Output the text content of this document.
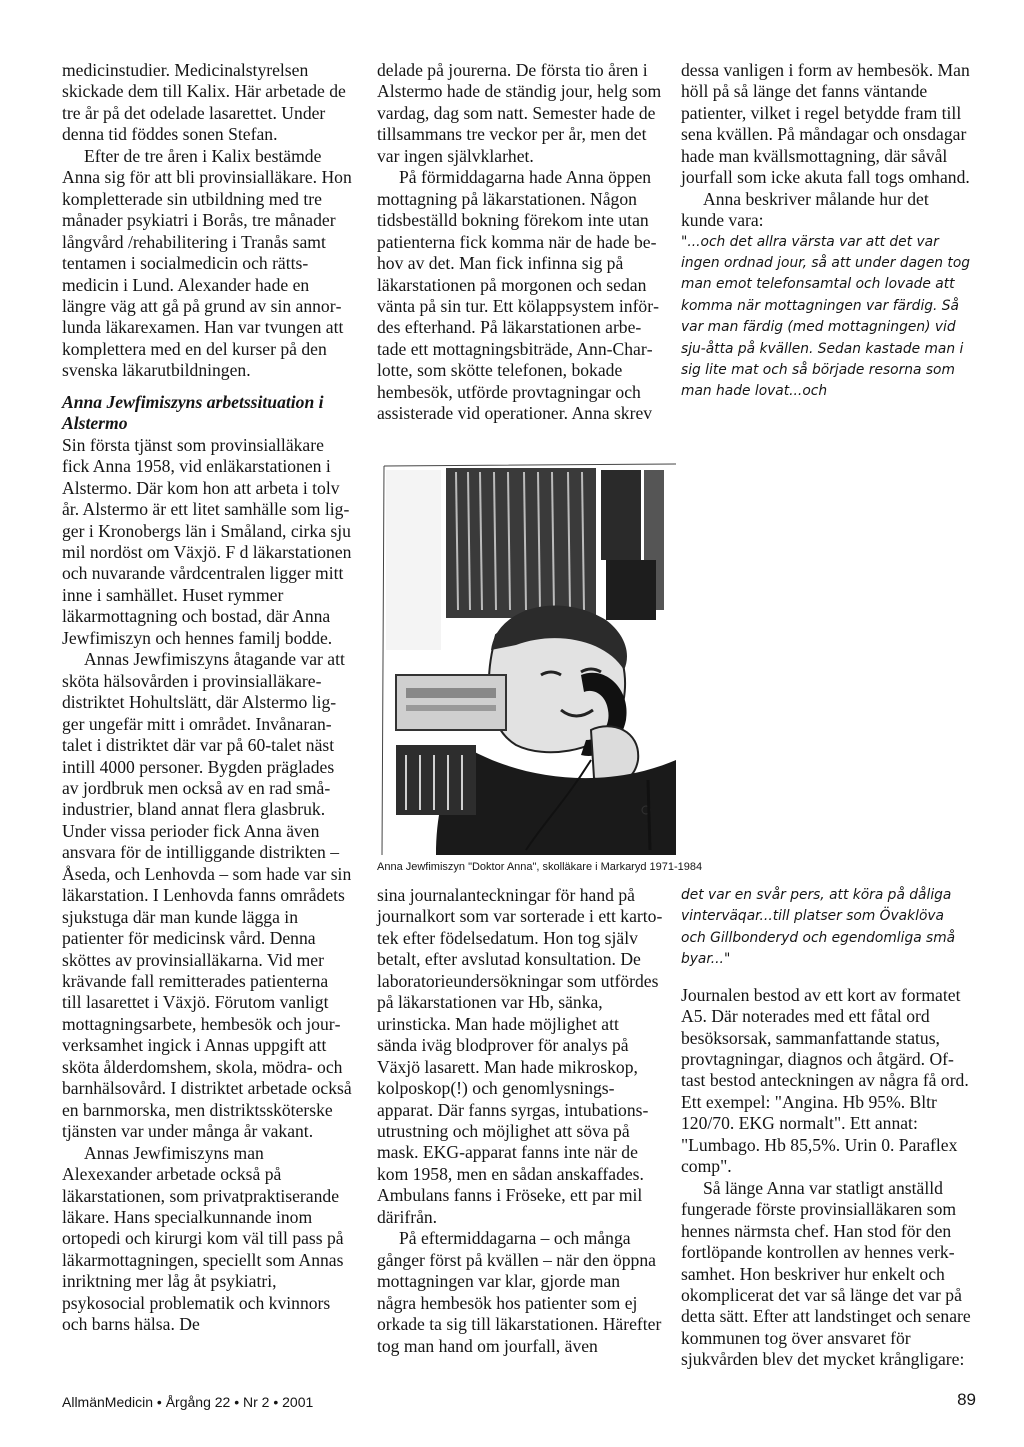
medicinstudier. Medicinalstyrelsen skickade dem till Kalix. Här arbetade de tre år på det odelade lasarettet. Under denna tid föddes sonen Stefan.

Efter de tre åren i Kalix bestämde Anna sig för att bli provinsialläkare. Hon kompletterade sin utbildning med tre månader psykiatri i Borås, tre månader långvård /rehabilitering i Tranås samt tentamen i socialmedicin och rättsmedicin i Lund. Alexander hade en längre väg att gå på grund av sin annorlunda läkarexamen. Han var tvungen att komplettera med en del kurser på den svenska läkarutbildningen.

Anna Jewfimiszyns arbetssituation i Alstermo

Sin första tjänst som provinsialläkare fick Anna 1958, vid enläkarstationen i Alstermo. Där kom hon att arbeta i tolv år. Alstermo är ett litet samhälle som ligger i Kronobergs län i Småland, cirka sju mil nordöst om Växjö. F d läkarstationen och nuvarande vårdcentralen ligger mitt inne i samhället. Huset rymmer läkarmottagning och bostad, där Anna Jewfimiszyn och hennes familj bodde.

Annas Jewfimiszyns åtagande var att sköta hälsovården i provinsialläkaredistriktet Hohultslätt, där Alstermo ligger ungefär mitt i området. Invånarantalet i distriktet där var på 60-talet näst intill 4000 personer. Bygden präglades av jordbruk men också av en rad småindustrier, bland annat flera glasbruk. Under vissa perioder fick Anna även ansvara för de intilliggande distrikten – Åseda, och Lenhovda – som hade var sin läkarstation. I Lenhovda fanns områdets sjukstuga där man kunde lägga in patienter för medicinsk vård. Denna sköttes av provinsialläkarna. Vid mer krävande fall remitterades patienterna till lasarettet i Växjö. Förutom vanligt mottagningsarbete, hembesök och jourverksamhet ingick i Annas uppgift att sköta ålderdomshem, skola, mödra- och barnhälsovård. I distriktet arbetade också en barnmorska, men distriktssköterske tjänsten var under många år vakant.

Annas Jewfimiszyns man Alexexander arbetade också på läkarstationen, som privatpraktiserande läkare. Hans specialkunnande inom ortopedi och kirurgi kom väl till pass på läkarmottagningen, speciellt som Annas inriktning mer låg åt psykiatri, psykosocial problematik och kvinnors och barns hälsa. De

delade på jourerna. De första tio åren i Alstermo hade de ständig jour, helg som vardag, dag som natt. Semester hade de tillsammans tre veckor per år, men det var ingen självklarhet.

På förmiddagarna hade Anna öppen mottagning på läkarstationen. Någon tidsbeställd bokning förekom inte utan patienterna fick komma när de hade behov av det. Man fick infinna sig på läkarstationen på morgonen och sedan vänta på sin tur. Ett kölappsystem infördes efterhand. På läkarstationen arbetade ett mottagningsbiträde, Ann-Charlotte, som skötte telefonen, bokade hembesök, utförde provtagningar och assisterade vid operationer. Anna skrev

Anna Jewfimiszyn "Doktor Anna", skolläkare i Markaryd 1971-1984

sina journalanteckningar för hand på journalkort som var sorterade i ett kartotek efter födelsedatum. Hon tog själv betalt, efter avslutad konsultation. De laboratorieundersökningar som utfördes på läkarstationen var Hb, sänka, urinsticka. Man hade möjlighet att sända iväg blodprover för analys på Växjö lasarett. Man hade mikroskop, kolposkop(!) och genomlysningsapparat. Där fanns syrgas, intubationsutrustning och möjlighet att söva på mask. EKG-apparat fanns inte när de kom 1958, men en sådan anskaffades. Ambulans fanns i Fröseke, ett par mil därifrån.

På eftermiddagarna – och många gånger först på kvällen – när den öppna mottagningen var klar, gjorde man några hembesök hos patienter som ej orkade ta sig till läkarstationen. Härefter tog man hand om jourfall, även

dessa vanligen i form av hembesök. Man höll på så länge det fanns väntande patienter, vilket i regel betydde fram till sena kvällen. På måndagar och onsdagar hade man kvällsmottagning, där såvål jourfall som icke akuta fall togs omhand.

Anna beskriver målande hur det kunde vara:

"...och det allra värsta var att det var ingen ordnad jour, så att under dagen tog man emot telefonsamtal och lovade att komma när mottagningen var färdig. Så var man färdig (med mottagningen) vid sju-åtta på kvällen. Sedan kastade man i sig lite mat och så började resorna som man hade lovat...och

det var en svår pers, att köra på dåliga vinterväqar...till platser som Övaklöva och Gillbonderyd och egendomliga små byar..."

Journalen bestod av ett kort av formatet A5. Där noterades med ett fåtal ord besöksorsak, sammanfattande status, provtagningar, diagnos och åtgärd. Oftast bestod anteckningen av några få ord. Ett exempel: "Angina. Hb 95%. Bltr 120/70. EKG normalt". Ett annat: "Lumbago. Hb 85,5%. Urin 0. Paraflex comp".

Så länge Anna var statligt anställd fungerade förste provinsialläkaren som hennes närmsta chef. Han stod för den fortlöpande kontrollen av hennes verksamhet. Hon beskriver hur enkelt och okomplicerat det var så länge det var på detta sätt. Efter att landstinget och senare kommunen tog över ansvaret för sjukvården blev det mycket krångligare:

AllmänMedicin • Årgång 22 • Nr 2 • 2001	89
